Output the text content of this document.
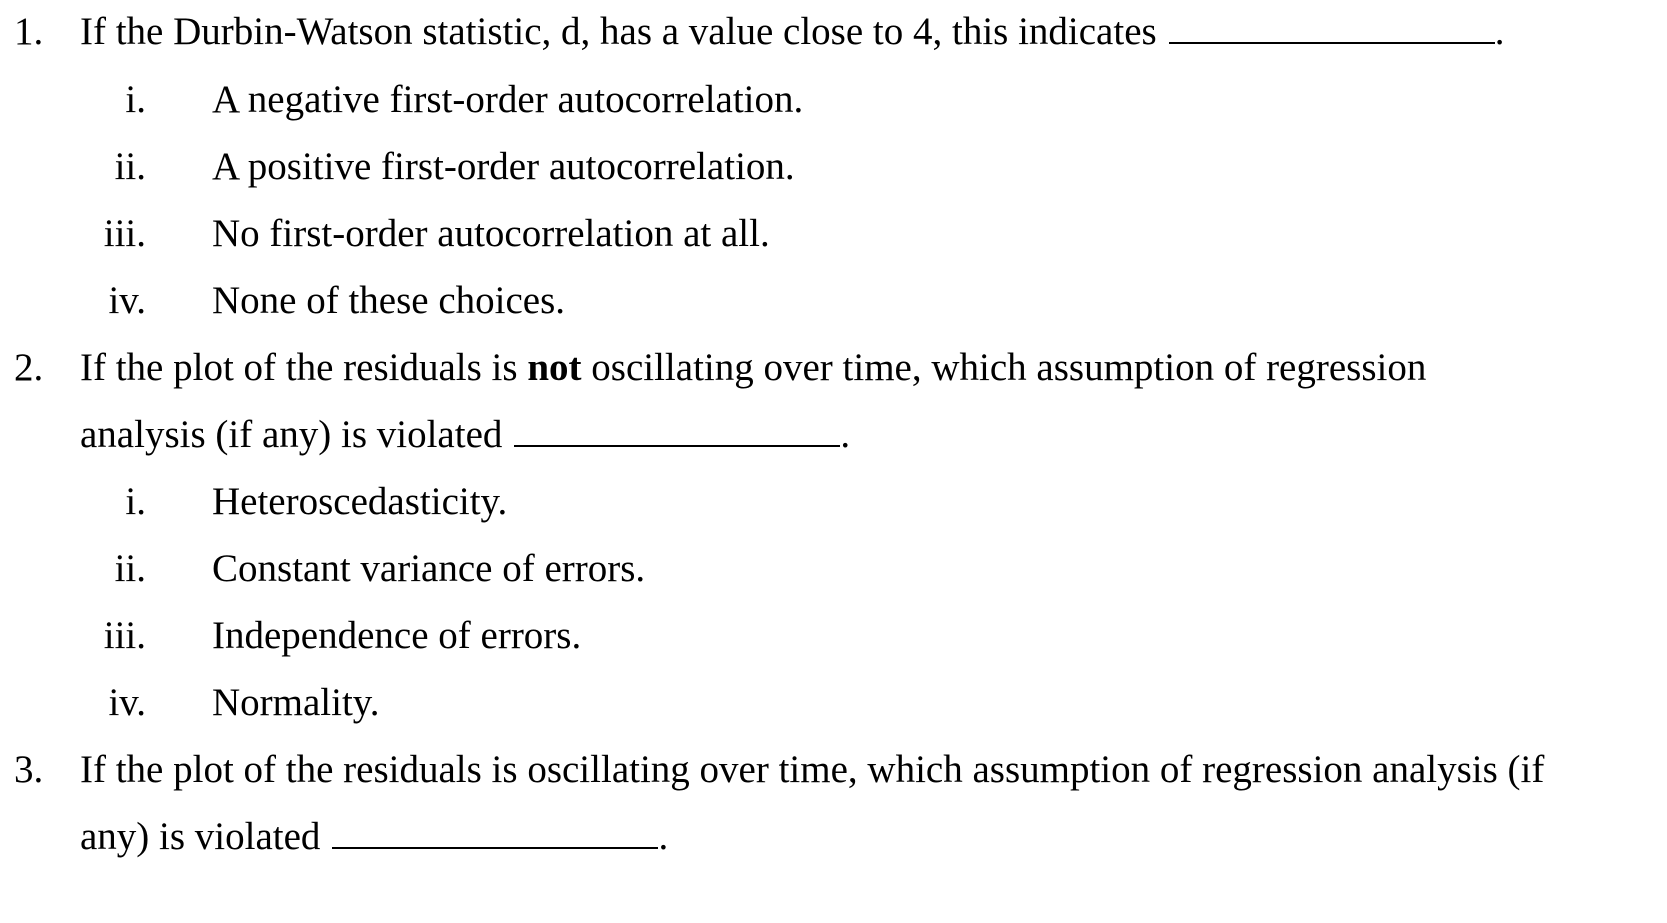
1. If the Durbin-Watson statistic, d, has a value close to 4, this indicates	.
i. A negative first-order autocorrelation.
ii. A positive first-order autocorrelation.
iii. No first-order autocorrelation at all.
iv. None of these choices.
2. If the plot of the residuals is not oscillating over time, which assumption of regression
analysis (if any) is violated	.
i. Heteroscedasticity.
ii. Constant variance of errors.
iii. Independence of errors.
iv. Normality.
3. If the plot of the residuals is oscillating over time, which assumption of regression analysis (if
any) is violated	.
